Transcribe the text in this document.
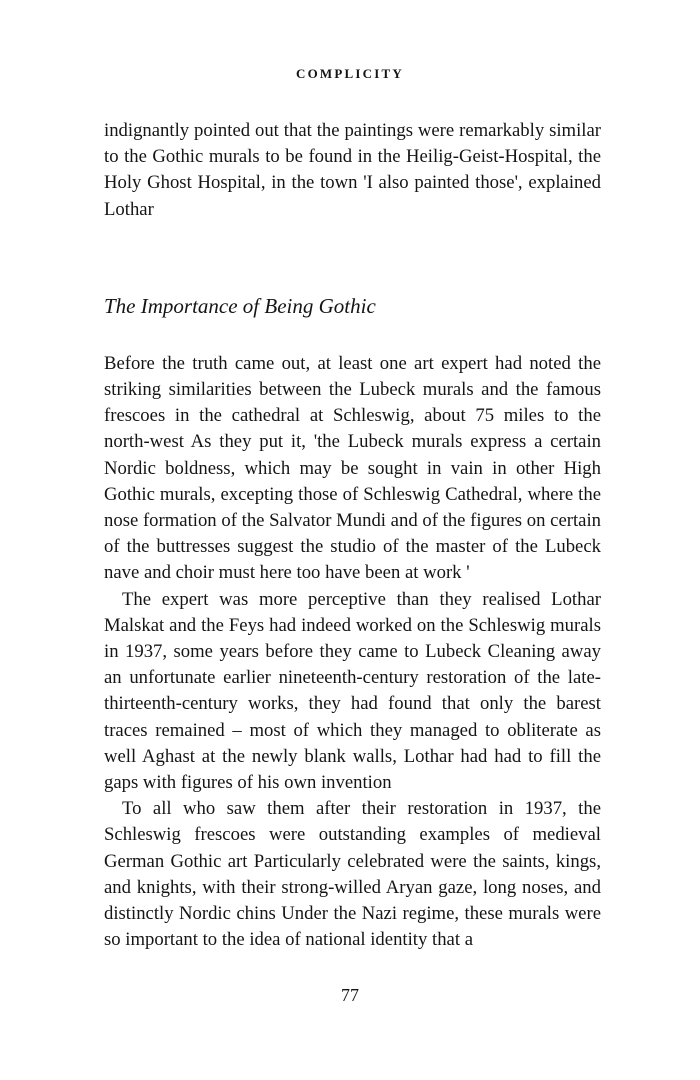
COMPLICITY

indignantly pointed out that the paintings were remarkably similar to the Gothic murals to be found in the Heilig-Geist-Hospital, the Holy Ghost Hospital, in the town 'I also painted those', explained Lothar

The Importance of Being Gothic

Before the truth came out, at least one art expert had noted the striking similarities between the Lubeck murals and the famous frescoes in the cathedral at Schleswig, about 75 miles to the north-west As they put it, 'the Lubeck murals express a certain Nordic boldness, which may be sought in vain in other High Gothic murals, excepting those of Schleswig Cathedral, where the nose formation of the Salvator Mundi and of the figures on certain of the buttresses suggest the studio of the master of the Lubeck nave and choir must here too have been at work '

The expert was more perceptive than they realised Lothar Malskat and the Feys had indeed worked on the Schleswig murals in 1937, some years before they came to Lubeck Cleaning away an unfortunate earlier nineteenth-century restoration of the late-thirteenth-century works, they had found that only the barest traces remained – most of which they managed to obliterate as well Aghast at the newly blank walls, Lothar had had to fill the gaps with figures of his own invention

To all who saw them after their restoration in 1937, the Schleswig frescoes were outstanding examples of medieval German Gothic art Particularly celebrated were the saints, kings, and knights, with their strong-willed Aryan gaze, long noses, and distinctly Nordic chins Under the Nazi regime, these murals were so important to the idea of national identity that a

77
